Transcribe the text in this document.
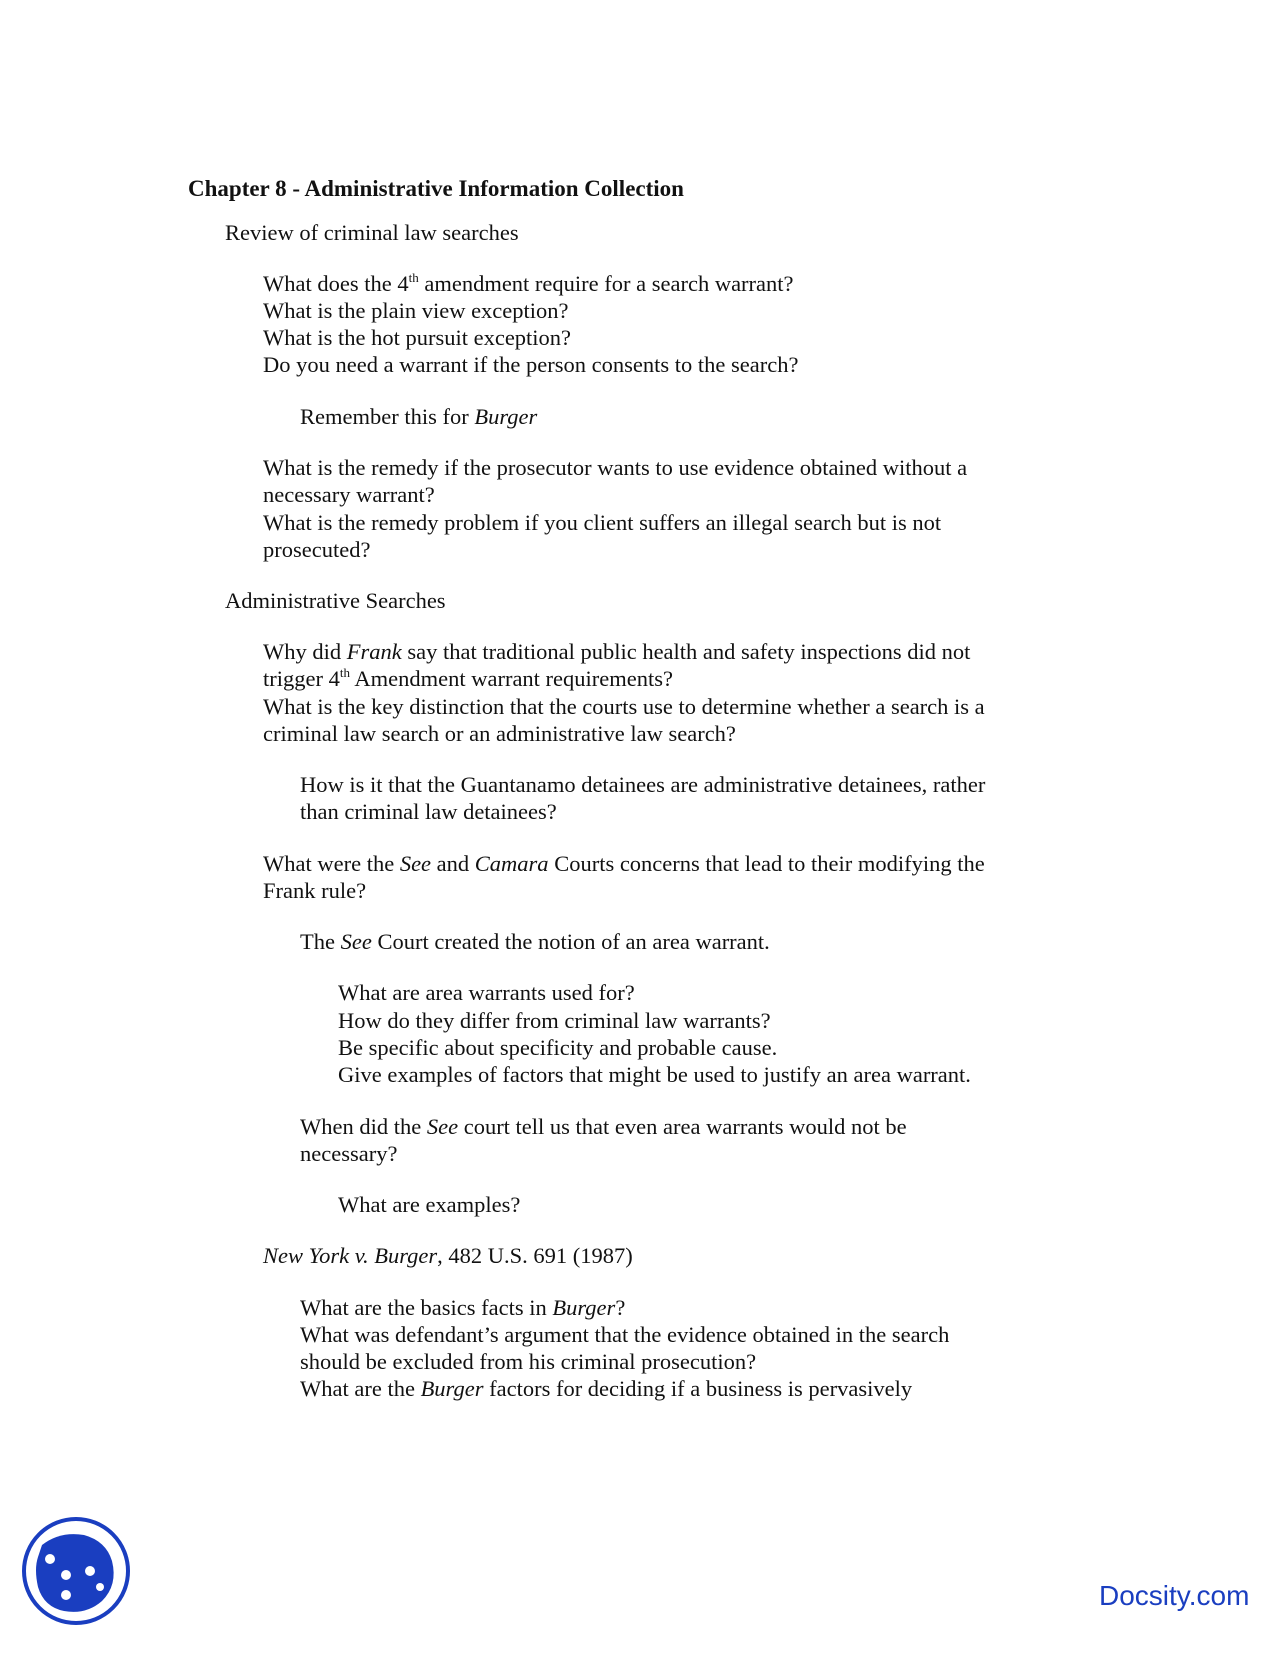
Chapter 8 - Administrative Information Collection
Review of criminal law searches
What does the 4th amendment require for a search warrant?
What is the plain view exception?
What is the hot pursuit exception?
Do you need a warrant if the person consents to the search?
Remember this for Burger
What is the remedy if the prosecutor wants to use evidence obtained without a
necessary warrant?
What is the remedy problem if you client suffers an illegal search but is not
prosecuted?
Administrative Searches
Why did Frank say that traditional public health and safety inspections did not
trigger 4th Amendment warrant requirements?
What is the key distinction that the courts use to determine whether a search is a
criminal law search or an administrative law search?
How is it that the Guantanamo detainees are administrative detainees, rather
than criminal law detainees?
What were the See and Camara Courts concerns that lead to their modifying the
Frank rule?
The See Court created the notion of an area warrant.
What are area warrants used for?
How do they differ from criminal law warrants?
Be specific about specificity and probable cause.
Give examples of factors that might be used to justify an area warrant.
When did the See court tell us that even area warrants would not be
necessary?
What are examples?
New York v. Burger, 482 U.S. 691 (1987)
What are the basics facts in Burger?
What was defendant’s argument that the evidence obtained in the search
should be excluded from his criminal prosecution?
What are the Burger factors for deciding if a business is pervasively
Docsity.com
